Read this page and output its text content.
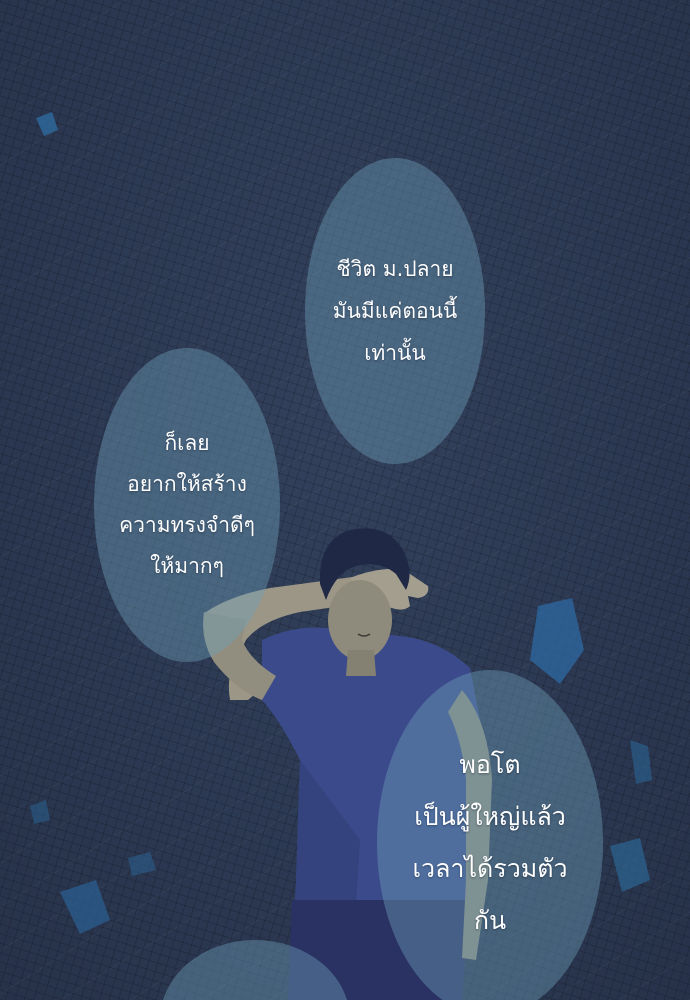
ชีวิต ม.ปลาย
มันมีแค่ตอนนี้
เท่านั้น
ก็เลย
อยากให้สร้าง
ความทรงจำดีๆ
ให้มากๆ
พอโต
เป็นผู้ใหญ่แล้ว
เวลาได้รวมตัว
กัน
